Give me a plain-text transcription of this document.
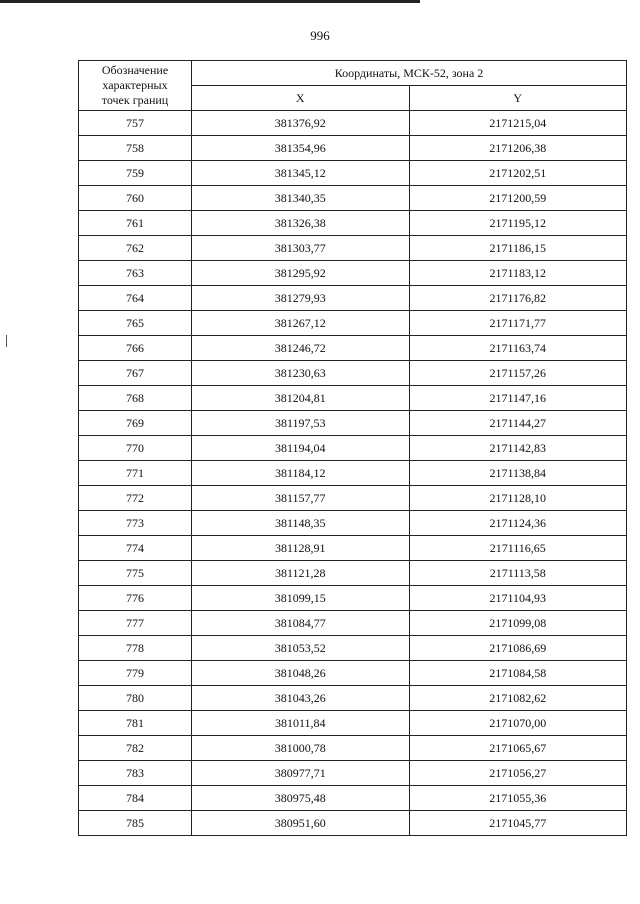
996
Обозначение
характерных
точек границ	Координаты, МСК-52, зона 2	
	X	Y
757	381376,92	2171215,04
758	381354,96	2171206,38
759	381345,12	2171202,51
760	381340,35	2171200,59
761	381326,38	2171195,12
762	381303,77	2171186,15
763	381295,92	2171183,12
764	381279,93	2171176,82
765	381267,12	2171171,77
766	381246,72	2171163,74
767	381230,63	2171157,26
768	381204,81	2171147,16
769	381197,53	2171144,27
770	381194,04	2171142,83
771	381184,12	2171138,84
772	381157,77	2171128,10
773	381148,35	2171124,36
774	381128,91	2171116,65
775	381121,28	2171113,58
776	381099,15	2171104,93
777	381084,77	2171099,08
778	381053,52	2171086,69
779	381048,26	2171084,58
780	381043,26	2171082,62
781	381011,84	2171070,00
782	381000,78	2171065,67
783	380977,71	2171056,27
784	380975,48	2171055,36
785	380951,60	2171045,77
